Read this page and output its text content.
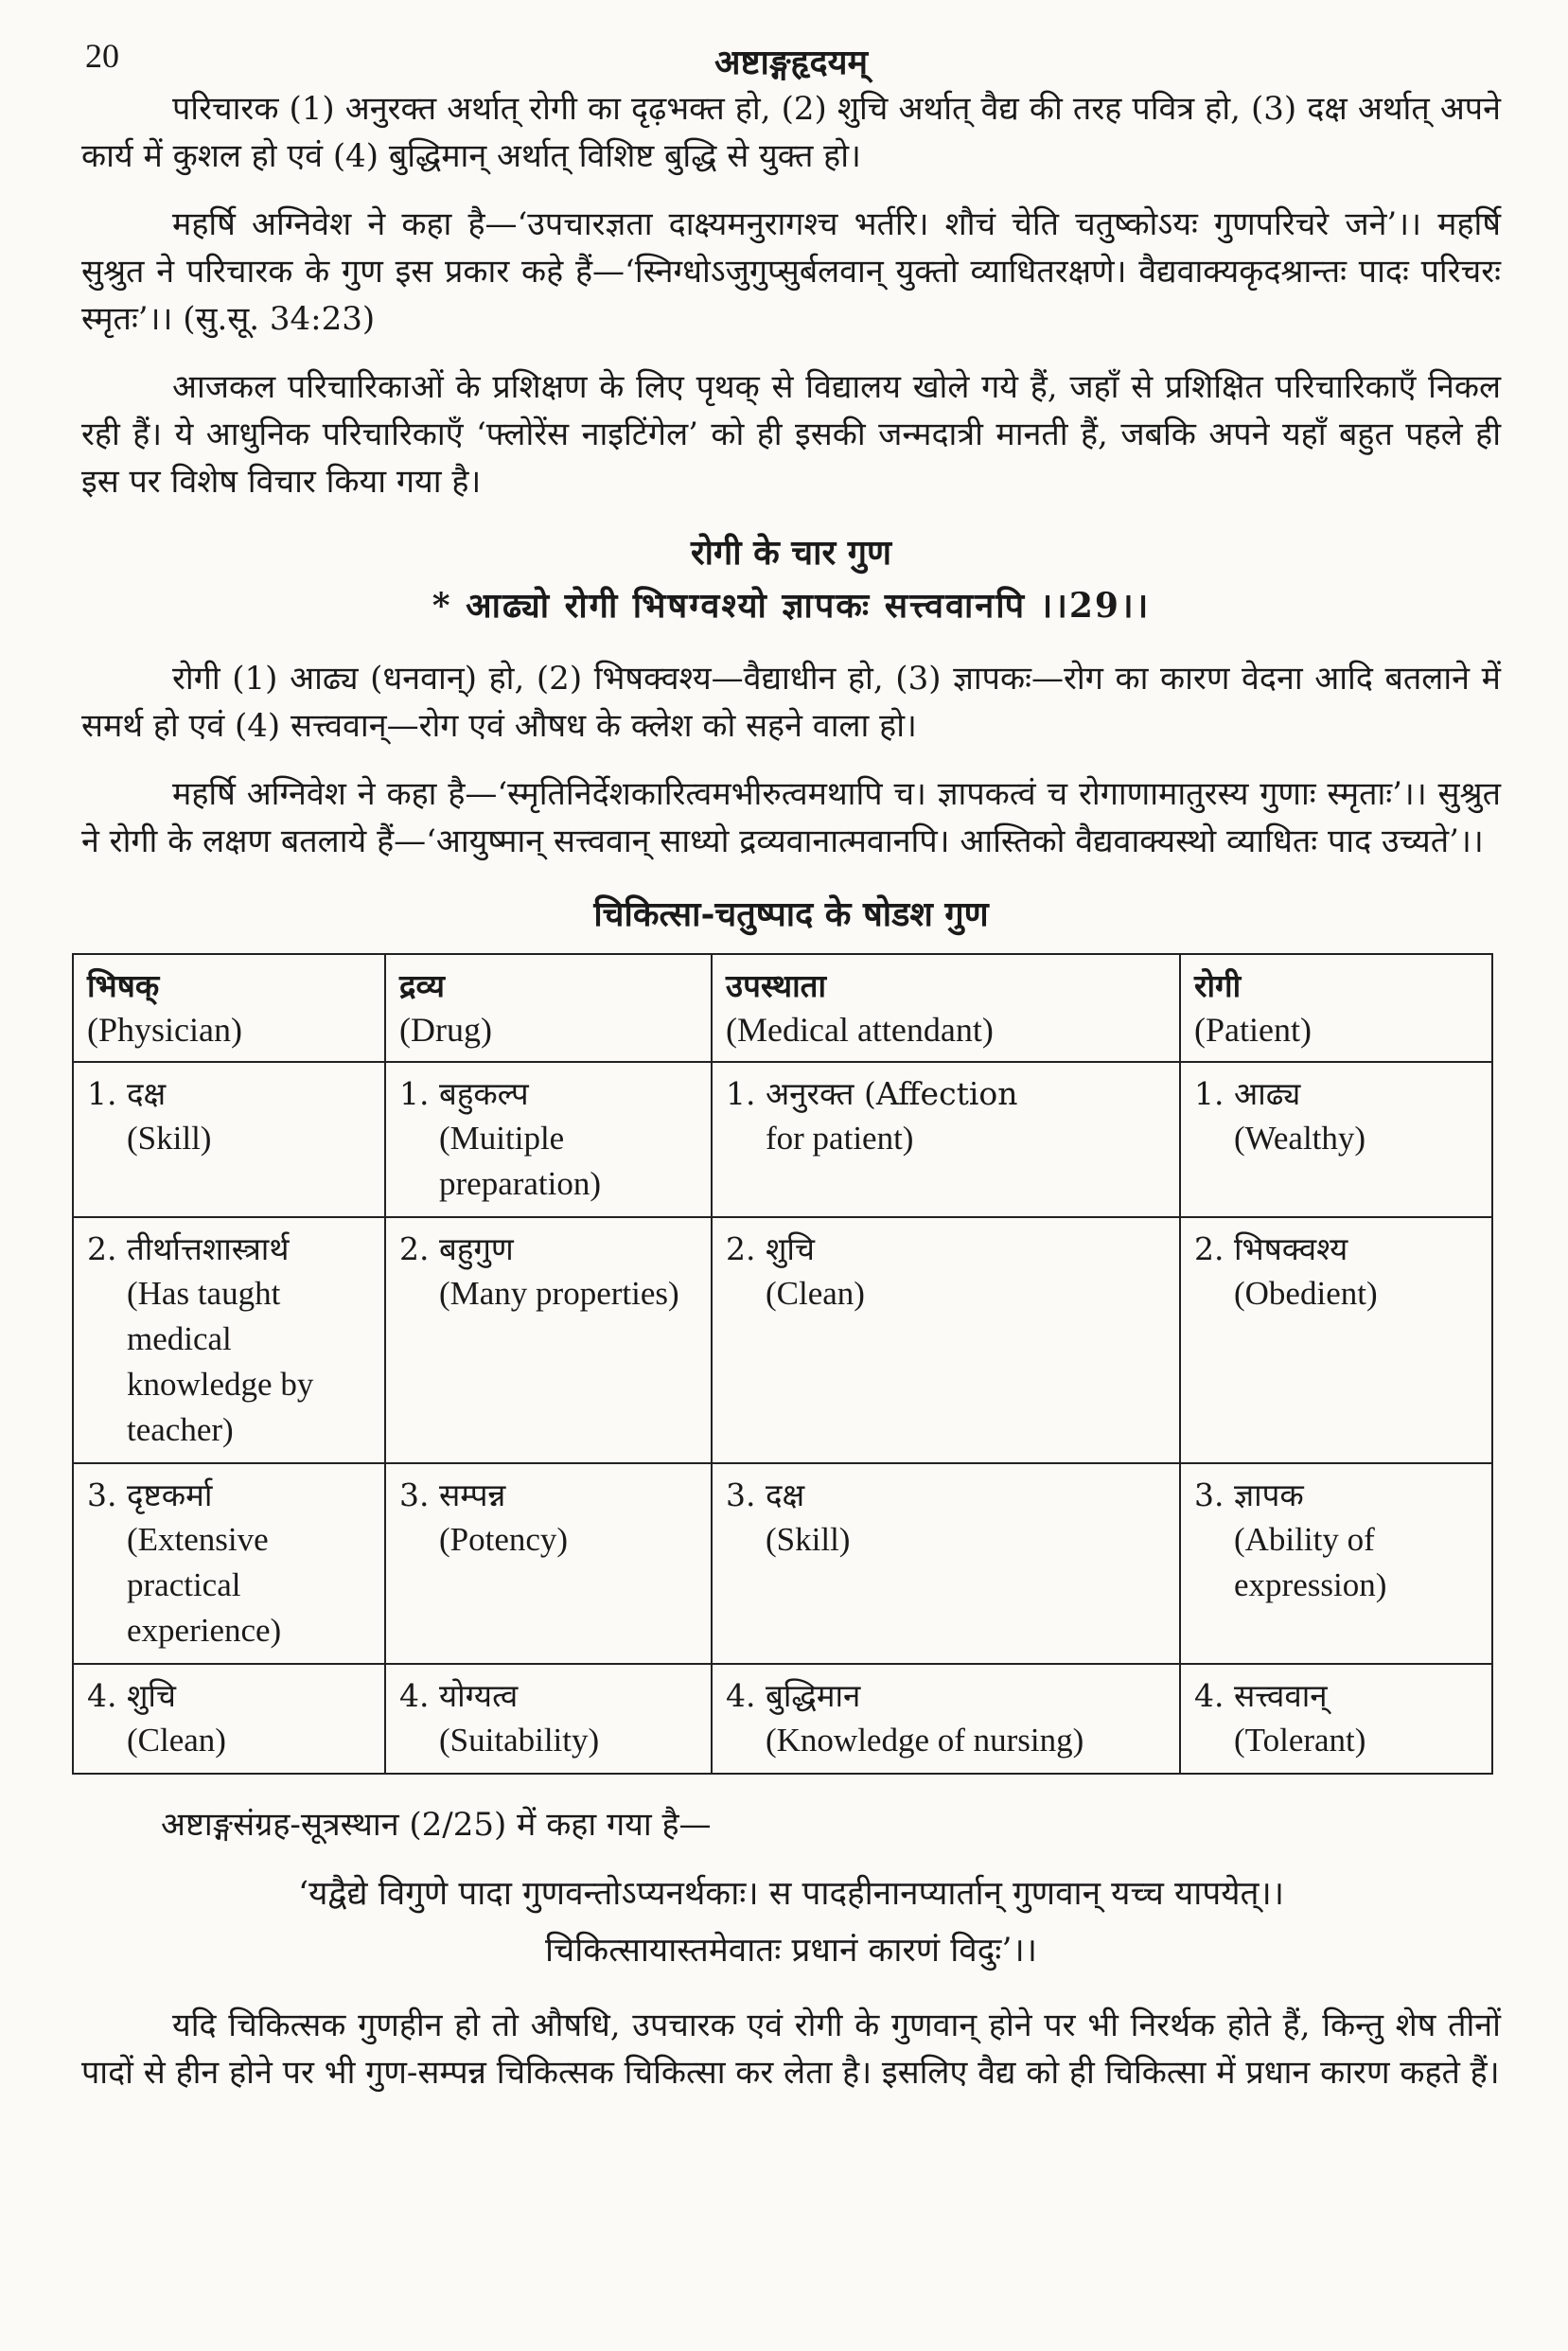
20	अष्टाङ्गहृदयम्

परिचारक (1) अनुरक्त अर्थात् रोगी का दृढ़भक्त हो, (2) शुचि अर्थात् वैद्य की तरह पवित्र हो, (3) दक्ष अर्थात् अपने कार्य में कुशल हो एवं (4) बुद्धिमान् अर्थात् विशिष्ट बुद्धि से युक्त हो।

महर्षि अग्निवेश ने कहा है—‘उपचारज्ञता दाक्ष्यमनुरागश्च भर्तरि। शौचं चेति चतुष्कोऽयः गुणपरिचरे जने’।। महर्षि सुश्रुत ने परिचारक के गुण इस प्रकार कहे हैं—‘स्निग्धोऽजुगुप्सुर्बलवान् युक्तो व्याधितरक्षणे। वैद्यवाक्यकृदश्रान्तः पादः परिचरः स्मृतः’।। (सु.सू. 34:23)

आजकल परिचारिकाओं के प्रशिक्षण के लिए पृथक् से विद्यालय खोले गये हैं, जहाँ से प्रशिक्षित परिचारिकाएँ निकल रही हैं। ये आधुनिक परिचारिकाएँ ‘फ्लोरेंस नाइटिंगेल’ को ही इसकी जन्मदात्री मानती हैं, जबकि अपने यहाँ बहुत पहले ही इस पर विशेष विचार किया गया है।

रोगी के चार गुण
* आढ्यो रोगी भिषग्वश्यो ज्ञापकः सत्त्ववानपि ।।29।।

रोगी (1) आढ्य (धनवान्) हो, (2) भिषक्वश्य—वैद्याधीन हो, (3) ज्ञापकः—रोग का कारण वेदना आदि बतलाने में समर्थ हो एवं (4) सत्त्ववान्—रोग एवं औषध के क्लेश को सहने वाला हो।

महर्षि अग्निवेश ने कहा है—‘स्मृतिनिर्देशकारित्वमभीरुत्वमथापि च। ज्ञापकत्वं च रोगाणामातुरस्य गुणाः स्मृताः’।। सुश्रुत ने रोगी के लक्षण बतलाये हैं—‘आयुष्मान् सत्त्ववान् साध्यो द्रव्यवानात्मवानपि। आस्तिको वैद्यवाक्यस्थो व्याधितः पाद उच्यते’।।

चिकित्सा-चतुष्पाद के षोडश गुण
भिषक्
(Physician)	द्रव्य
(Drug)	उपस्थाता
(Medical attendant)	रोगी
(Patient)

1. दक्ष
(Skill)	1. बहुकल्प
(Muitiple preparation)	1. अनुरक्त (Affection
for patient)	1. आढ्य
(Wealthy)

2. तीर्थात्तशास्त्रार्थ
(Has taught medical knowledge by teacher)	2. बहुगुण
(Many properties)	2. शुचि
(Clean)	2. भिषक्वश्य
(Obedient)

3. दृष्टकर्मा
(Extensive practical experience)	3. सम्पन्न
(Potency)	3. दक्ष
(Skill)	3. ज्ञापक
(Ability of expression)

4. शुचि
(Clean)	4. योग्यत्व
(Suitability)	4. बुद्धिमान
(Knowledge of nursing)	4. सत्त्ववान्
(Tolerant)

अष्टाङ्गसंग्रह-सूत्रस्थान (2/25) में कहा गया है—

‘यद्वैद्ये विगुणे पादा गुणवन्तोऽप्यनर्थकाः। स पादहीनानप्यार्तान् गुणवान् यच्च यापयेत्।।
चिकित्सायास्तमेवातः प्रधानं कारणं विदुः’।।

यदि चिकित्सक गुणहीन हो तो औषधि, उपचारक एवं रोगी के गुणवान् होने पर भी निरर्थक होते हैं, किन्तु शेष तीनों पादों से हीन होने पर भी गुण-सम्पन्न चिकित्सक चिकित्सा कर लेता है। इसलिए वैद्य को ही चिकित्सा में प्रधान कारण कहते हैं।
